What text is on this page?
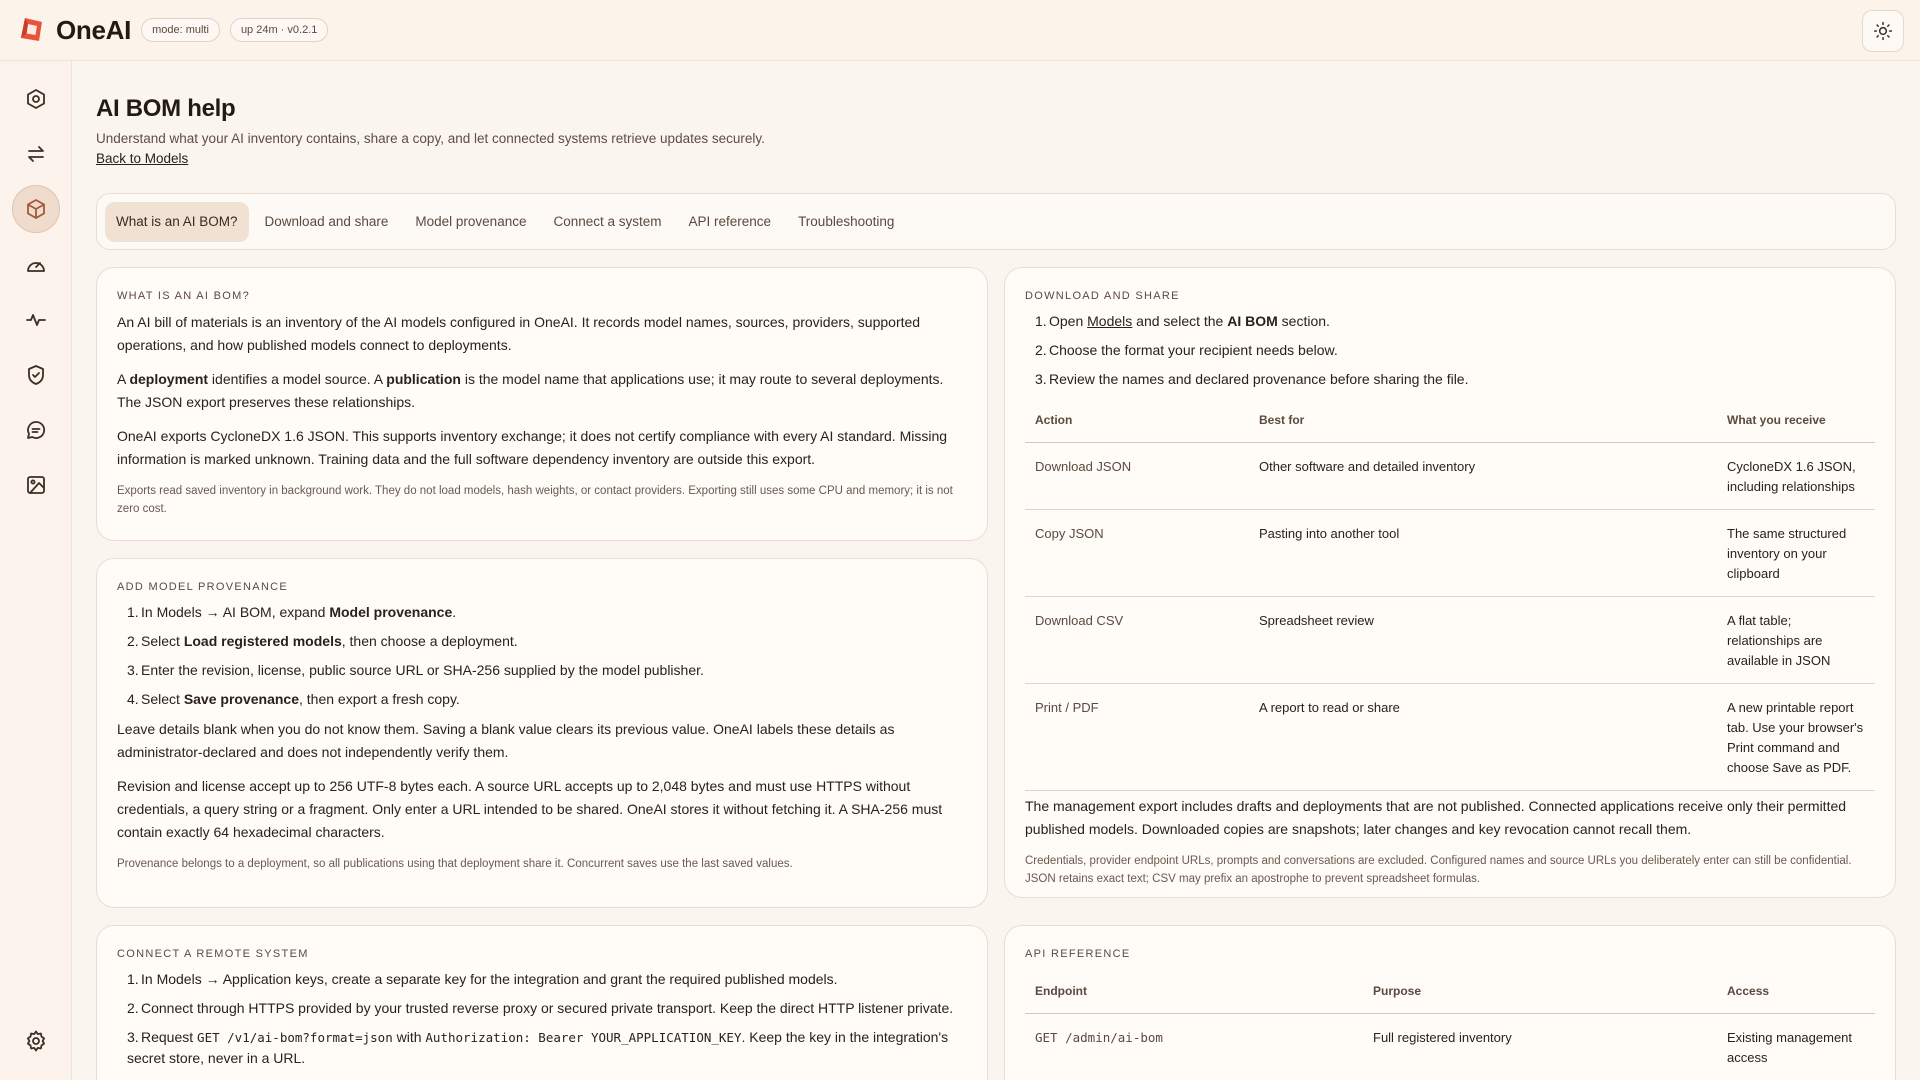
OneAI	mode: multi	up 24m · v0.2.1
AI BOM help
Understand what your AI inventory contains, share a copy, and let connected systems retrieve updates securely.
Back to Models
What is an AI BOM?	Download and share	Model provenance	Connect a system	API reference	Troubleshooting
WHAT IS AN AI BOM?

An AI bill of materials is an inventory of the AI models configured in OneAI. It records model names, sources, providers, supported operations, and how published models connect to deployments.

A deployment identifies a model source. A publication is the model name that applications use; it may route to several deployments. The JSON export preserves these relationships.

OneAI exports CycloneDX 1.6 JSON. This supports inventory exchange; it does not certify compliance with every AI standard. Missing information is marked unknown. Training data and the full software dependency inventory are outside this export.

Exports read saved inventory in background work. They do not load models, hash weights, or contact providers. Exporting still uses some CPU and memory; it is not zero cost.

ADD MODEL PROVENANCE
1. In Models → AI BOM, expand Model provenance.
2. Select Load registered models, then choose a deployment.
3. Enter the revision, license, public source URL or SHA-256 supplied by the model publisher.
4. Select Save provenance, then export a fresh copy.

Leave details blank when you do not know them. Saving a blank value clears its previous value. OneAI labels these details as administrator-declared and does not independently verify them.

Revision and license accept up to 256 UTF-8 bytes each. A source URL accepts up to 2,048 bytes and must use HTTPS without credentials, a query string or a fragment. Only enter a URL intended to be shared. OneAI stores it without fetching it. A SHA-256 must contain exactly 64 hexadecimal characters.

Provenance belongs to a deployment, so all publications using that deployment share it. Concurrent saves use the last saved values.

CONNECT A REMOTE SYSTEM
1. In Models → Application keys, create a separate key for the integration and grant the required published models.
2. Connect through HTTPS provided by your trusted reverse proxy or secured private transport. Keep the direct HTTP listener private.
3. Request GET /v1/ai-bom?format=json with Authorization: Bearer YOUR_APPLICATION_KEY. Keep the key in the integration's secret store, never in a URL.
DOWNLOAD AND SHARE
1. Open Models and select the AI BOM section.
2. Choose the format your recipient needs below.
3. Review the names and declared provenance before sharing the file.
Action	Best for	What you receive
Download JSON	Other software and detailed inventory	CycloneDX 1.6 JSON, including relationships
Copy JSON	Pasting into another tool	The same structured inventory on your clipboard
Download CSV	Spreadsheet review	A flat table; relationships are available in JSON
Print / PDF	A report to read or share	A new printable report tab. Use your browser's Print command and choose Save as PDF.

The management export includes drafts and deployments that are not published. Connected applications receive only their permitted published models. Downloaded copies are snapshots; later changes and key revocation cannot recall them.

Credentials, provider endpoint URLs, prompts and conversations are excluded. Configured names and source URLs you deliberately enter can still be confidential. JSON retains exact text; CSV may prefix an apostrophe to prevent spreadsheet formulas.

API REFERENCE
Endpoint	Purpose	Access
GET /admin/ai-bom	Full registered inventory	Existing management access
